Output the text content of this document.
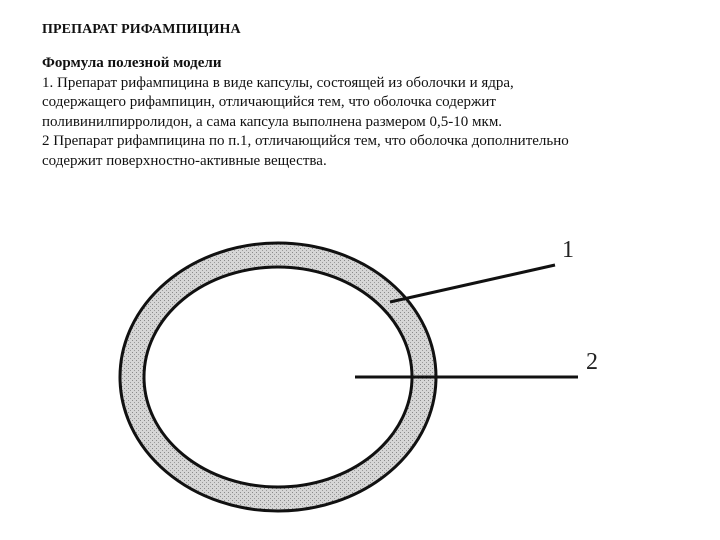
ПРЕПАРАТ РИФАМПИЦИНА
Формула полезной модели
1. Препарат рифампицина в виде капсулы, состоящей из оболочки и ядра,
содержащего рифампицин, отличающийся тем, что оболочка содержит
поливинилпирролидон, а сама капсула выполнена размером 0,5-10 мкм.
2 Препарат рифампицина по п.1, отличающийся тем, что оболочка дополнительно
содержит поверхностно-активные вещества.
1
2
